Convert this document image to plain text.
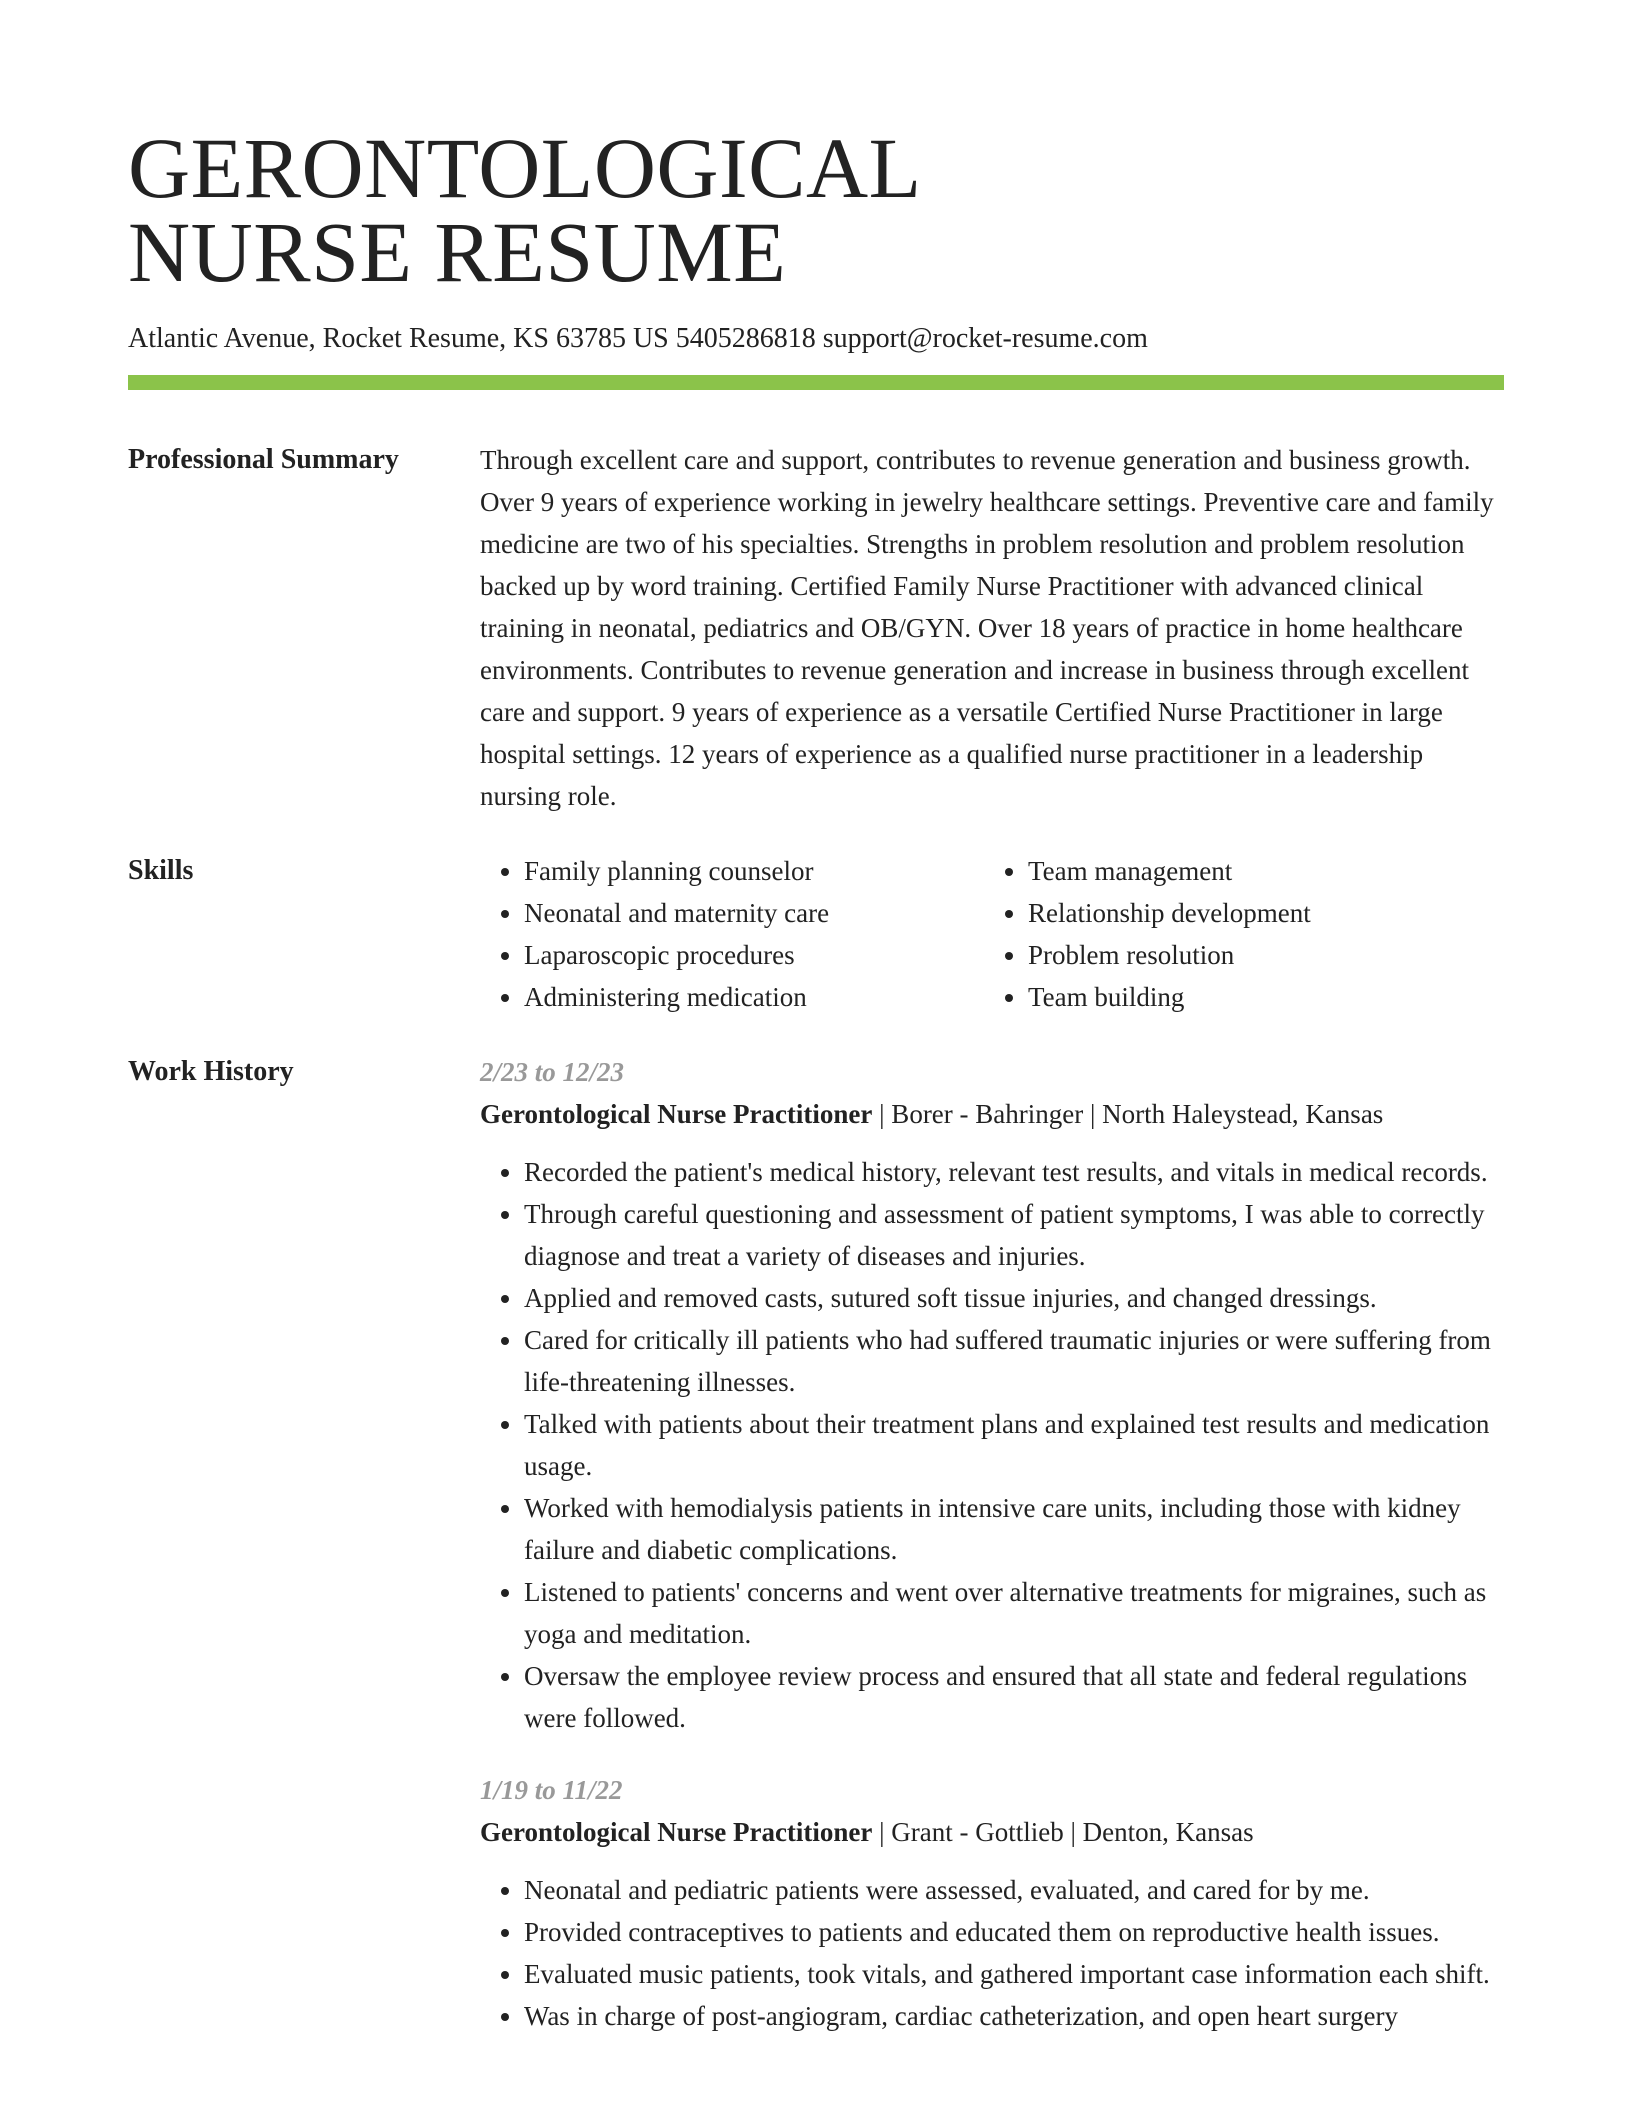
GERONTOLOGICAL
NURSE RESUME
Atlantic Avenue, Rocket Resume, KS 63785 US 5405286818 support@rocket-resume.com
Professional Summary	Through excellent care and support, contributes to revenue generation and business growth. Over 9 years of experience working in jewelry healthcare settings. Preventive care and family medicine are two of his specialties. Strengths in problem resolution and problem resolution backed up by word training. Certified Family Nurse Practitioner with advanced clinical training in neonatal, pediatrics and OB/GYN. Over 18 years of practice in home healthcare environments. Contributes to revenue generation and increase in business through excellent care and support. 9 years of experience as a versatile Certified Nurse Practitioner in large hospital settings. 12 years of experience as a qualified nurse practitioner in a leadership nursing role.

Skills
•	Family planning counselor
• Neonatal and maternity care
• Laparoscopic procedures
• Administering medication
• Team management
• Relationship development
• Problem resolution
• Team building
Work History	2/23 to 12/23
Gerontological Nurse Practitioner | Borer - Bahringer | North Haleystead, Kansas
• Recorded the patient's medical history, relevant test results, and vitals in medical records.
• Through careful questioning and assessment of patient symptoms, I was able to correctly diagnose and treat a variety of diseases and injuries.
• Applied and removed casts, sutured soft tissue injuries, and changed dressings.
• Cared for critically ill patients who had suffered traumatic injuries or were suffering from life-threatening illnesses.
• Talked with patients about their treatment plans and explained test results and medication usage.
• Worked with hemodialysis patients in intensive care units, including those with kidney failure and diabetic complications.
• Listened to patients' concerns and went over alternative treatments for migraines, such as yoga and meditation.
• Oversaw the employee review process and ensured that all state and federal regulations were followed.
1/19 to 11/22
Gerontological Nurse Practitioner | Grant - Gottlieb | Denton, Kansas
• Neonatal and pediatric patients were assessed, evaluated, and cared for by me.
• Provided contraceptives to patients and educated them on reproductive health issues.
• Evaluated music patients, took vitals, and gathered important case information each shift.
• Was in charge of post-angiogram, cardiac catheterization, and open heart surgery
